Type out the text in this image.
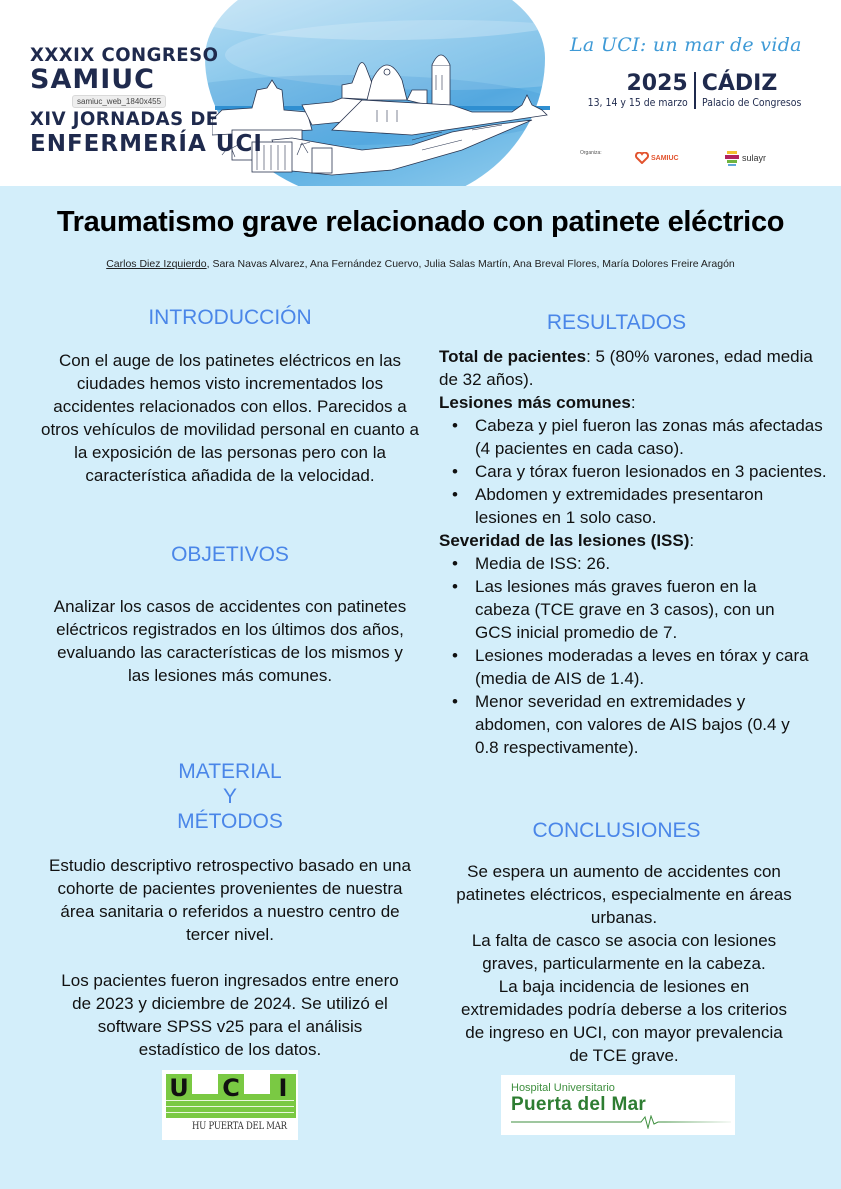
XXXIX CONGRESO
SAMIUC
XIV JORNADAS DE
ENFERMERÍA UCI
samiuc_web_1840x455
La UCI: un mar de vida
2025
13, 14 y 15 de marzo
CÁDIZ
Palacio de Congresos
Organiza:
SAMIUC	sulayr
Traumatismo grave relacionado con patinete eléctrico
Carlos Diez Izquierdo, Sara Navas Alvarez, Ana Fernández Cuervo, Julia Salas Martín, Ana Breval Flores, María Dolores Freire Aragón
INTRODUCCIÓN

Con el auge de los patinetes eléctricos en las ciudades hemos visto incrementados los accidentes relacionados con ellos. Parecidos a otros vehículos de movilidad personal en cuanto a la exposición de las personas pero con la característica añadida de la velocidad.

OBJETIVOS

Analizar los casos de accidentes con patinetes eléctricos registrados en los últimos dos años, evaluando las características de los mismos y las lesiones más comunes.

MATERIAL
Y
MÉTODOS

Estudio descriptivo retrospectivo basado en una cohorte de pacientes provenientes de nuestra área sanitaria o referidos a nuestro centro de tercer nivel.

Los pacientes fueron ingresados entre enero de 2023 y diciembre de 2024. Se utilizó el software SPSS v25 para el análisis estadístico de los datos.

RESULTADOS
Total de pacientes: 5 (80% varones, edad media de 32 años).
Lesiones más comunes:
• Cabeza y piel fueron las zonas más afectadas (4 pacientes en cada caso).
• Cara y tórax fueron lesionados en 3 pacientes.
• Abdomen y extremidades presentaron lesiones en 1 solo caso.
Severidad de las lesiones (ISS):
• Media de ISS: 26.
• Las lesiones más graves fueron en la cabeza (TCE grave en 3 casos), con un GCS inicial promedio de 7.
• Lesiones moderadas a leves en tórax y cara (media de AIS de 1.4).
• Menor severidad en extremidades y abdomen, con valores de AIS bajos (0.4 y 0.8 respectivamente).
CONCLUSIONES

Se espera un aumento de accidentes con patinetes eléctricos, especialmente en áreas urbanas.

La falta de casco se asocia con lesiones graves, particularmente en la cabeza.

La baja incidencia de lesiones en extremidades podría deberse a los criterios de ingreso en UCI, con mayor prevalencia de TCE grave.

U C	I
HU PUERTA DEL MAR
Hospital Universitario
Puerta del Mar
